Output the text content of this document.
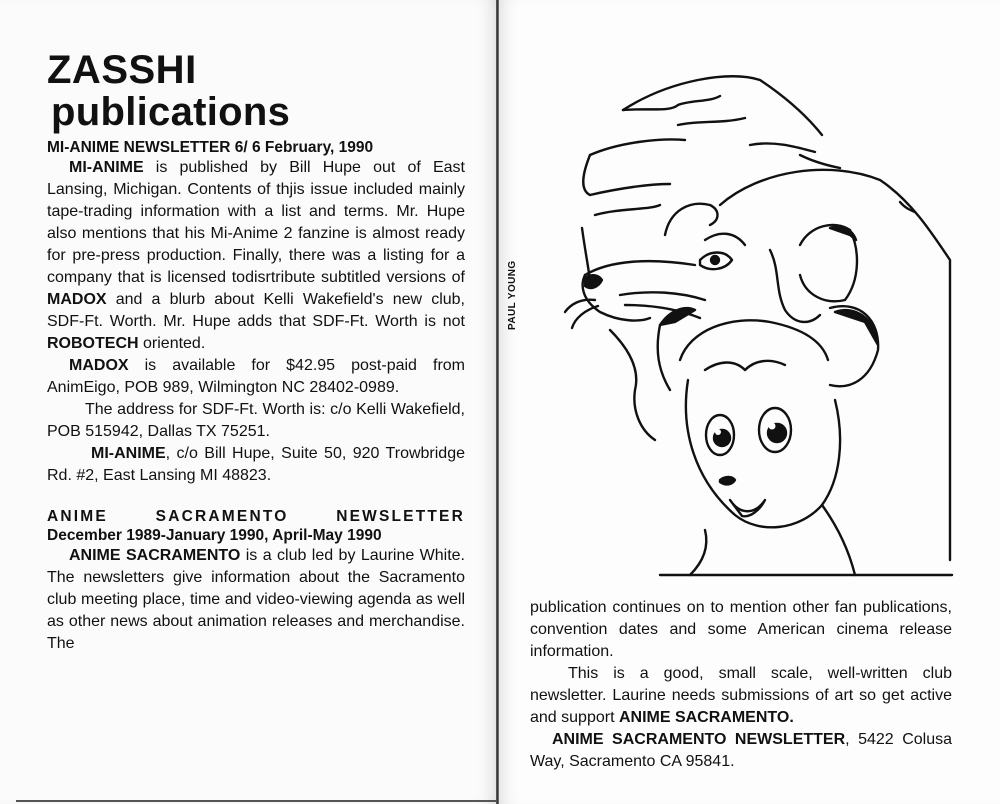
ZASSHI
publications
MI-ANIME NEWSLETTER 6/ 6 February, 1990

MI-ANIME is published by Bill Hupe out of East Lansing, Michigan. Contents of thjis issue included mainly tape-trading information with a list and terms. Mr. Hupe also mentions that his Mi-Anime 2 fanzine is almost ready for pre-press production. Finally, there was a listing for a company that is licensed todisrtribute subtitled versions of MADOX and a blurb about Kelli Wakefield's new club, SDF-Ft. Worth. Mr. Hupe adds that SDF-Ft. Worth is not ROBOTECH oriented.

MADOX is available for $42.95 post-paid from AnimEigo, POB 989, Wilmington NC 28402-0989.

The address for SDF-Ft. Worth is: c/o Kelli Wakefield, POB 515942, Dallas TX 75251.

MI-ANIME, c/o Bill Hupe, Suite 50, 920 Trowbridge Rd. #2, East Lansing MI 48823.

ANIME SACRAMENTO NEWSLETTER
December 1989-January 1990, April-May 1990

ANIME SACRAMENTO is a club led by Laurine White. The newsletters give information about the Sacramento club meeting place, time and video-viewing agenda as well as other news about animation releases and merchandise. The

PAUL YOUNG

publication continues on to mention other fan publications, convention dates and some American cinema release information.

This is a good, small scale, well-written club newsletter. Laurine needs submissions of art so get active and support ANIME SACRAMENTO.

ANIME SACRAMENTO NEWSLETTER, 5422 Colusa Way, Sacramento CA 95841.
